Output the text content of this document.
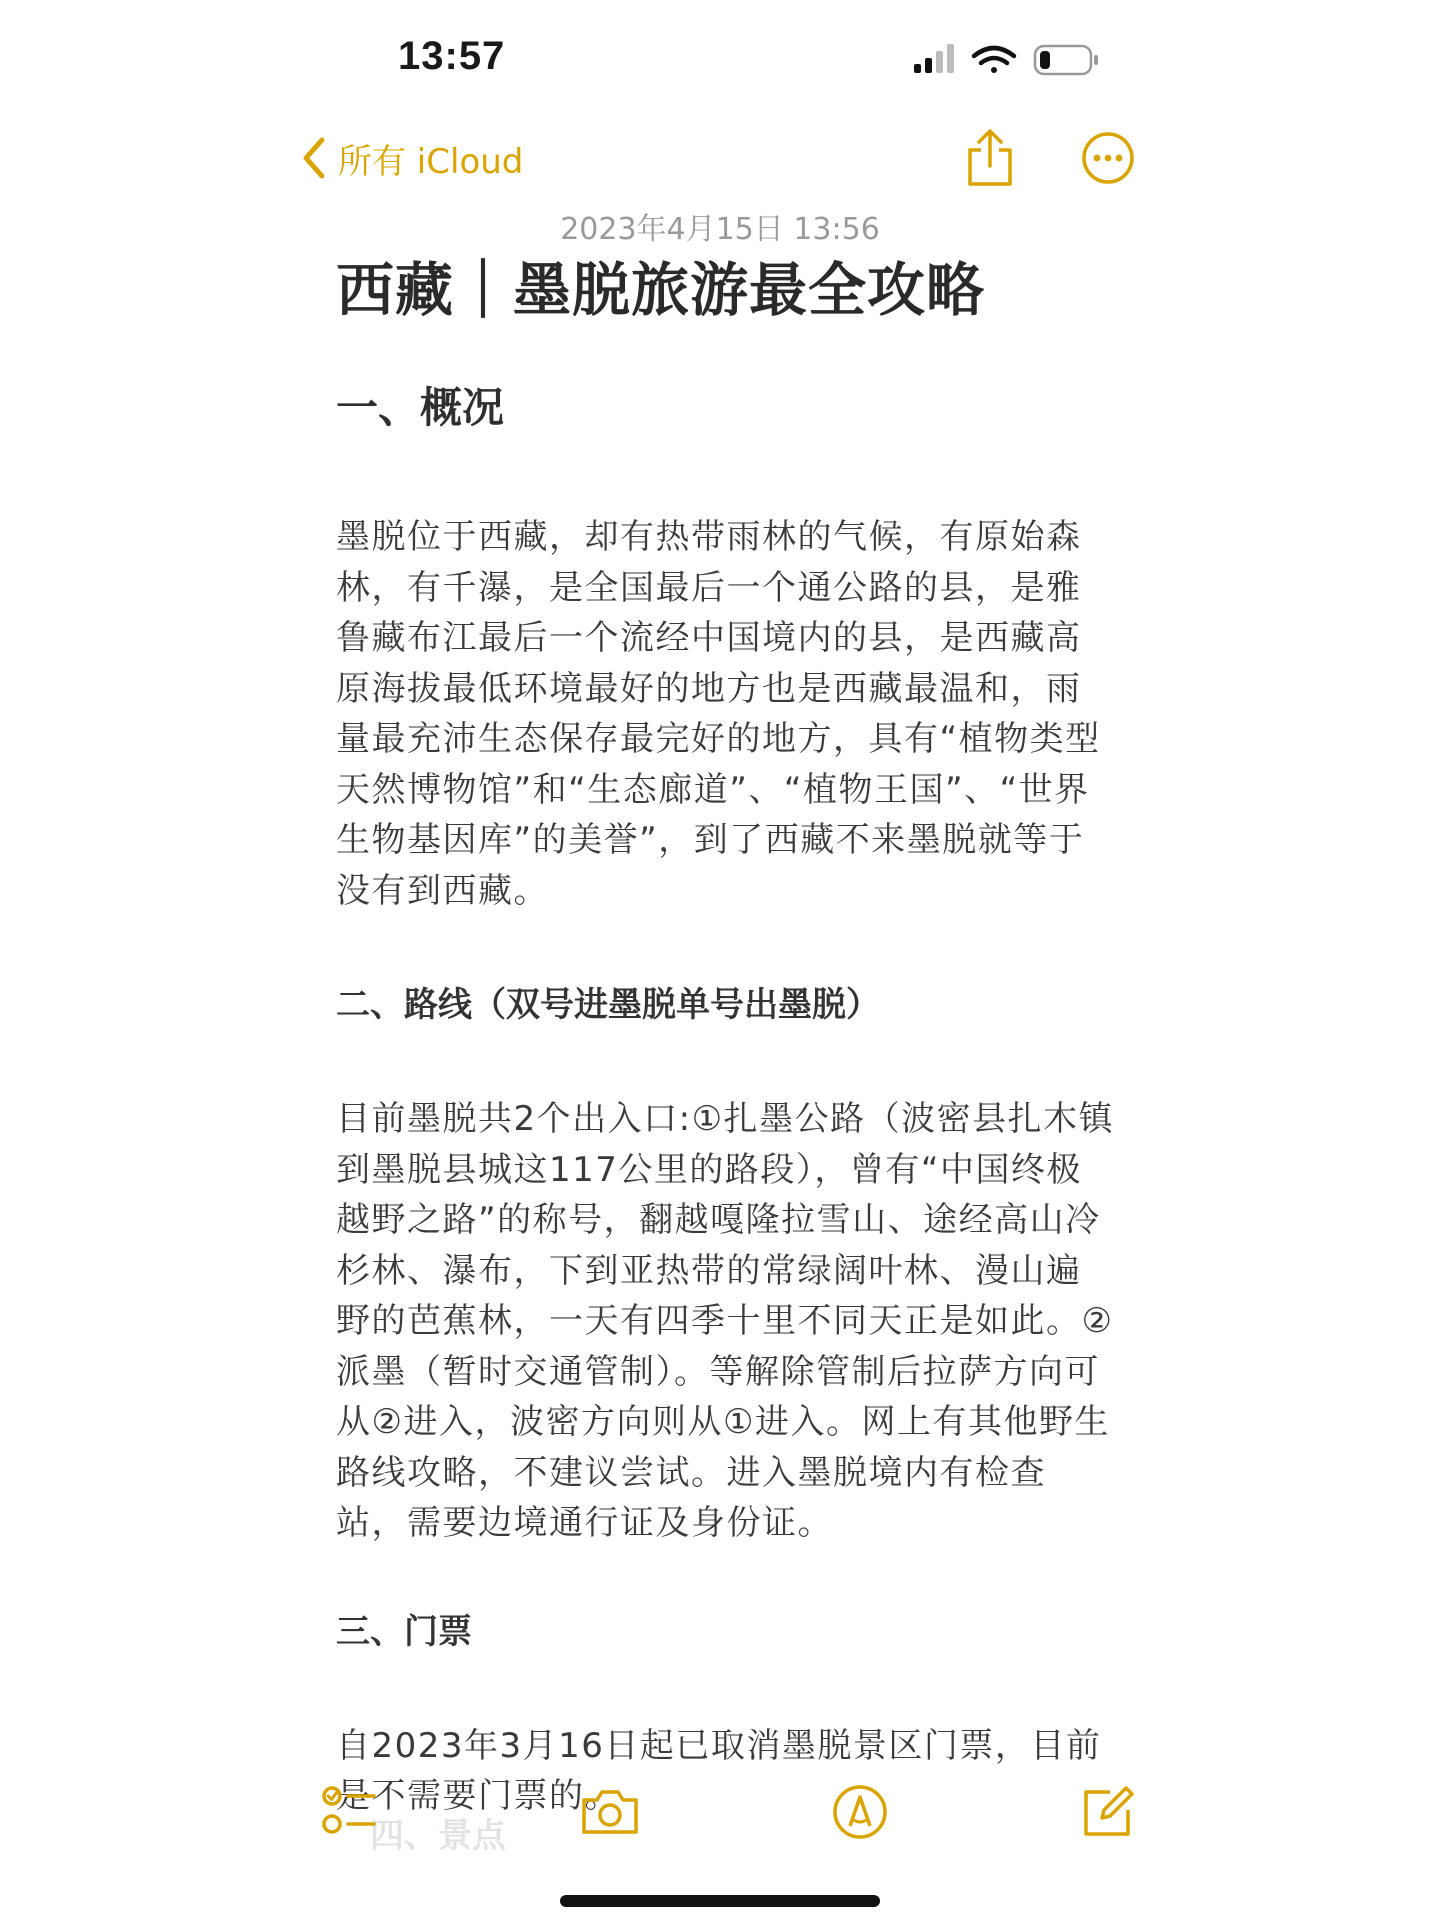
13:57
所有 iCloud
2023年4月15日 13:56
西藏｜墨脱旅游最全攻略
一、概况

墨脱位于西藏，却有热带雨林的气候，有原始森林，有千瀑，是全国最后一个通公路的县，是雅鲁藏布江最后一个流经中国境内的县，是西藏高原海拔最低环境最好的地方也是西藏最温和，雨量最充沛生态保存最完好的地方，具有“植物类型天然博物馆”和“生态廊道”、“植物王国”、“世界生物基因库”的美誉”，到了西藏不来墨脱就等于没有到西藏。

二、路线（双号进墨脱单号出墨脱）

目前墨脱共2个出入口:①扎墨公路（波密县扎木镇到墨脱县城这117公里的路段），曾有“中国终极越野之路”的称号，翻越嘎隆拉雪山、途经高山冷杉林、瀑布，下到亚热带的常绿阔叶林、漫山遍野的芭蕉林，一天有四季十里不同天正是如此。②派墨（暂时交通管制）。等解除管制后拉萨方向可从②进入，波密方向则从①进入。网上有其他野生路线攻略，不建议尝试。进入墨脱境内有检查站，需要边境通行证及身份证。

三、门票

自2023年3月16日起已取消墨脱景区门票，目前是不需要门票的。

四、景点
